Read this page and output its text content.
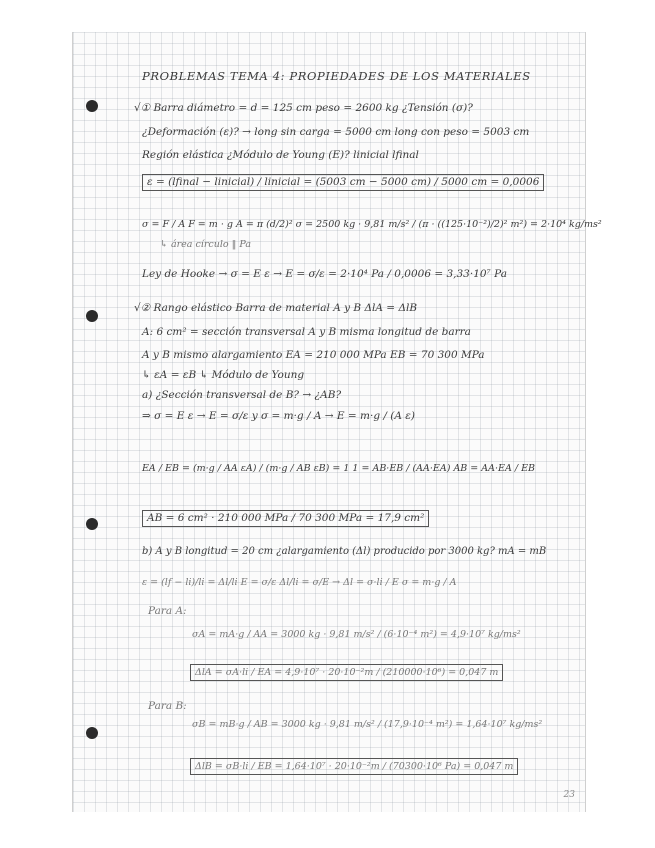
PROBLEMAS TEMA 4: PROPIEDADES DE LOS MATERIALES
√① Barra diámetro = d = 125 cm peso = 2600 kg ¿Tensión (σ)?
¿Deformación (ε)? → long sin carga = 5000 cm long con peso = 5003 cm
Región elástica ¿Módulo de Young (E)? linicial lfinal
ε = (lfinal − linicial) / linicial = (5003 cm − 5000 cm) / 5000 cm = 0,0006
σ = F / A F = m · g A = π (d/2)² σ = 2500 kg · 9,81 m/s² / (π · ((125·10⁻²)/2)² m²) = 2·10⁴ kg/ms²
↳ área círculo ‖ Pa
Ley de Hooke → σ = E ε → E = σ/ε = 2·10⁴ Pa / 0,0006 = 3,33·10⁷ Pa
√② Rango elástico Barra de material A y B ΔlA = ΔlB
A: 6 cm² = sección transversal A y B misma longitud de barra
A y B mismo alargamiento EA = 210 000 MPa EB = 70 300 MPa
↳ εA = εB ↳ Módulo de Young
a) ¿Sección transversal de B? → ¿AB?
⇒ σ = E ε → E = σ/ε y σ = m·g / A → E = m·g / (A ε)
EA / EB = (m·g / AA εA) / (m·g / AB εB) = 1 1 = AB·EB / (AA·EA) AB = AA·EA / EB
AB = 6 cm² · 210 000 MPa / 70 300 MPa = 17,9 cm²
b) A y B longitud = 20 cm ¿alargamiento (Δl) producido por 3000 kg? mA = mB
ε = (lf − li)/li = Δl/li E = σ/ε Δl/li = σ/E → Δl = σ·li / E σ = m·g / A
Para A:
σA = mA·g / AA = 3000 kg · 9,81 m/s² / (6·10⁻⁴ m²) = 4,9·10⁷ kg/ms²
ΔlA = σA·li / EA = 4,9·10⁷ · 20·10⁻²m / (210000·10⁶) = 0,047 m
Para B:
σB = mB·g / AB = 3000 kg · 9,81 m/s² / (17,9·10⁻⁴ m²) = 1,64·10⁷ kg/ms²
ΔlB = σB·li / EB = 1,64·10⁷ · 20·10⁻²m / (70300·10⁶ Pa) = 0,047 m
23
